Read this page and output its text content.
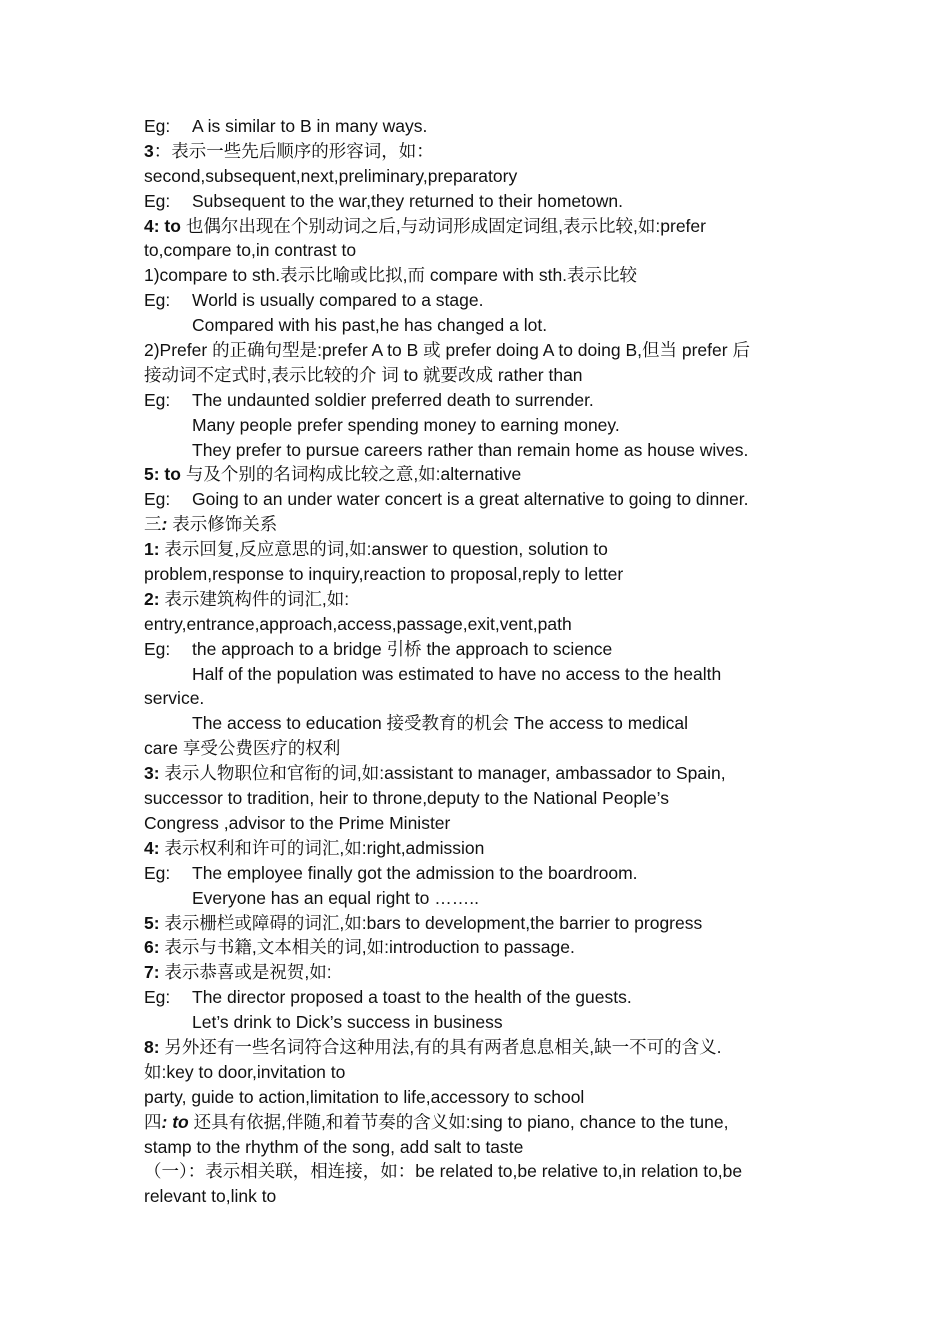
Eg: A is similar to B in many ways.
3：表示一些先后顺序的形容词，如：
second,subsequent,next,preliminary,preparatory
Eg: Subsequent to the war,they returned to their hometown.
4: to 也偶尔出现在个别动词之后,与动词形成固定词组,表示比较,如:prefer
to,compare to,in contrast to
1)compare to sth.表示比喻或比拟,而 compare with sth.表示比较
Eg: World is usually compared to a stage.
Compared with his past,he has changed a lot.
2)Prefer 的正确句型是:prefer A to B 或 prefer doing A to doing B,但当 prefer 后
接动词不定式时,表示比较的介 词 to 就要改成 rather than
Eg: The undaunted soldier preferred death to surrender.
Many people prefer spending money to earning money.
They prefer to pursue careers rather than remain home as house wives.
5: to 与及个别的名词构成比较之意,如:alternative
Eg: Going to an under water concert is a great alternative to going to dinner.
三: 表示修饰关系
1: 表示回复,反应意思的词,如:answer to question, solution to
problem,response to inquiry,reaction to proposal,reply to letter
2: 表示建筑构件的词汇,如:
entry,entrance,approach,access,passage,exit,vent,path
Eg: the approach to a bridge 引桥 the approach to science
Half of the population was estimated to have no access to the health
service.
The access to education 接受教育的机会 The access to medical
care 享受公费医疗的权利
3: 表示人物职位和官衔的词,如:assistant to manager, ambassador to Spain,
successor to tradition, heir to throne,deputy to the National People’s
Congress ,advisor to the Prime Minister
4: 表示权利和许可的词汇,如:right,admission
Eg: The employee finally got the admission to the boardroom.
Everyone has an equal right to ……..
5: 表示栅栏或障碍的词汇,如:bars to development,the barrier to progress
6: 表示与书籍,文本相关的词,如:introduction to passage.
7: 表示恭喜或是祝贺,如:
Eg: The director proposed a toast to the health of the guests.
Let’s drink to Dick’s success in business
8: 另外还有一些名词符合这种用法,有的具有两者息息相关,缺一不可的含义.
如:key to door,invitation to
party, guide to action,limitation to life,accessory to school
四: to 还具有依据,伴随,和着节奏的含义如:sing to piano, chance to the tune,
stamp to the rhythm of the song, add salt to taste
（一）：表示相关联，相连接，如：be related to,be relative to,in relation to,be
relevant to,link to
